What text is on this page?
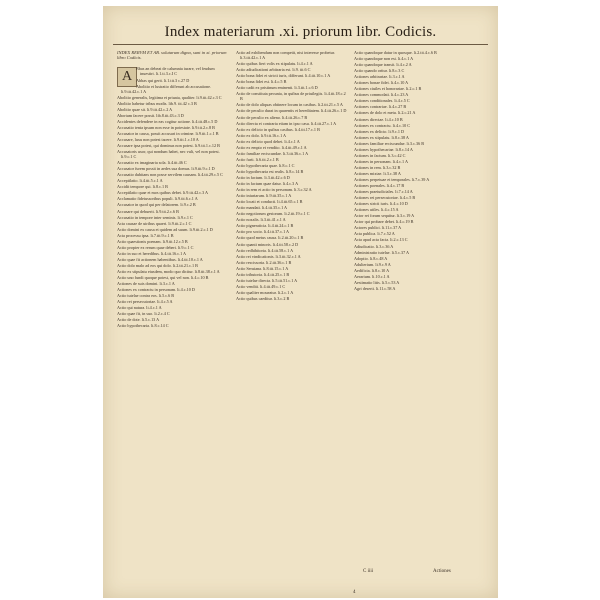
Index materiarum .xi. priorum libr. Codicis.
INDEX RERVM ET AB. solutarum digna, sunt in xi. priorum libro Codicis.
A
Bbas an debeat de calumnia iurare, vel feudum inuestiri. li.1.ti.3.c.I C
Abbas qui gerit. li.1.tit.3 c.27 D
Abolitio et lustratio differunt ab accusatione. li.9.tit.42.c.1 A
Abolitio generalis, legitima et priuata, qualiter. li.9.tit.42.c.3 C
Abolitio habetur tribus modis. lib.9. tit.42 c.3 B
Abolitio quae sit. li.9.tit.42.c.2 A
Abortum facere possit. lib.8.tit.43.c.3 D
Accidentes defendere in eas cogitur actione. li.4.tit.48.c.5 D
Accusatio tenta ipsum non esse in potestate. li.9.tit.2.c.8 B
Accusator in causa, possit accusari in crimine. li.9.tit.1.c.1 B
Accusare, luxu non potest tacere. li.9.tit.1.c.10 A
Accusare ipsa potest, qui dominus non potest. li.9.tit.1.c.12 B
Accusatoris uxor, qui nondum habet, nec vult, vel non potest. li.9.c.1 C
Accusatio ex imaginaria sola. li.4.tit.46 C
Accusator furem possit in aedes sua domus. li.9.tit.9.c.1 D
Accusatio dubitans non posse servilem causam. li.4.tit.29.c.5 C
Acceptilatio. li.4.tit.5.c.1 A
Accidit tempore qui. li.8.c.1 B
Acceptilatio quae et mos quibus debet. li.9.tit.42.c.3 A
Acclamatio fideiussoribus populi. li.9.tit.6.c.1 A
Accusator in quod qui per delatorem. li.9.c.2 B
Accusare qui debuerit. li.9.tit.2.c.6 B
Accusatio in tempore inter seminis. li.9.c.1 C
Acta causae de uiribus quaeri. li.9.tit.2.c.1 C
Actio domini ex causa et quidem ad suum. li.9.tit.2.c.1 D
Acta processu ipsa. li.7.tit.9.c.1 B
Actio quaestionis poenam. li.9.tit.12.c.5 B
Actio propter ex rerum quae deberi. li.9.c.1 C
Actio in suo et heredibus. li.4.tit.16.c.1 A
Actio quae fit actionem habentibus. li.4.tit.10.c.1 A
Actio dolo malo ad eos qui dolo. li.2.tit.21.c.1 B
Actio ex stipulatu eiusdem, modo quo dicitur. li.8.tit.38.c.1 A
Actio uno fundi quoque potest, qui vel non. li.4.c.10 B
Actiones de suis domini. li.3.c.1 A
Actiones ex contractu in personam. li.4.c.10 D
Actio tutelae contra eos. li.5.c.6 B
Actio rei persecutoriae. li.4.c.5 A
Actio qui natura. li.4.c.1 A
Actio quae fit, in suo. li.2.c.4 C
Actio de dote. li.5.c.13 A
Actio hypothecaria. li.8.c.14 C
Actio ad exhibendum non competit, nisi interesse probetur. li.3.tit.42.c.1 A
Actio quibus fieri volis ex stipulatu. li.4.c.1 A
Actio adiudicationi arbitraria est. li.9. tit.6 C
Actio bona fidei et stricti iuris, differunt. li.4.tit.10.c.1 A
Actio bona fidei est. li.4.c.5 B
Actio cadit ex pristinum eminenti. li.3.tit.1.c.6 D
Actio de constituta pecunia, in quibus de priuilegiis. li.4.tit.18.c.2 B
Actio de dolo aliquas obtinere locum in casibus. li.2.tit.21.c.5 A
Actio de peculio durat in quarentis et hereditatem. li.4.tit.26.c.1 D
Actio de peculio ex alieno. li.4.tit.26.c.7 B
Actio directa et contraria etiam in ipso casu. li.4.tit.27.c.1 A
Actio ex delicto in quibus casibus. li.4.tit.17.c.1 B
Actio ex dolo. li.9.tit.16.c.1 A
Actio ex delicto quod debet. li.4.c.1 A
Actio ex empto et vendito. li.4.tit.49.c.1 A
Actio familiae erciscundae. li.3.tit.36.c.1 A
Actio furti. li.6.tit.2.c.1 B
Actio hypothecaria quae. li.8.c.1 C
Actio hypothecaria est realis. li.8.c.14 B
Actio in factum. li.3.tit.42.c.6 D
Actio in factum quae datur. li.4.c.3 A
Actio in rem et actio in personam. li.3.c.32 A
Actio iniuriarum. li.9.tit.35.c.1 A
Actio locati et conducti. li.4.tit.65.c.1 B
Actio mandati. li.4.tit.35.c.1 A
Actio negotiorum gestorum. li.2.tit.19.c.1 C
Actio noxalis. li.3.tit.41.c.1 A
Actio pigneraticia. li.4.tit.24.c.1 B
Actio pro socio. li.4.tit.37.c.1 A
Actio quod metus causa. li.2.tit.20.c.1 B
Actio quanti minoris. li.4.tit.58.c.2 D
Actio redhibitoria. li.4.tit.58.c.1 A
Actio rei vindicationis. li.3.tit.32.c.1 A
Actio rescissoria. li.2.tit.36.c.1 B
Actio Seruiana. li.8.tit.15.c.1 A
Actio tributoria. li.4.tit.25.c.1 B
Actio tutelae directa. li.5.tit.51.c.1 A
Actio venditi. li.4.tit.49.c.1 C
Actio qualiter moueatur. li.2.c.1 A
Actio quibus caeditur. li.3.c.2 B
Actio quandoque datur in quosque. li.2.tit.4.c.6 B
Actio quandoque non est. li.4.c.1 A
Actio quandoque transit. li.4.c.2 A
Actio quando oritur. li.8.c.3 C
Actiones arbitrariae. li.3.c.1 A
Actiones bonae fidei. li.4.c.10 A
Actiones ciuiles et honorariae. li.2.c.1 B
Actiones commodati. li.4.c.23 A
Actiones conditionales. li.4.c.5 C
Actiones contrariae. li.4.c.27 B
Actiones de dolo et metu. li.2.c.21 A
Actiones directae. li.4.c.10 B
Actiones ex contractu. li.4.c.10 C
Actiones ex delicto. li.9.c.1 D
Actiones ex stipulatu. li.8.c.38 A
Actiones familiae erciscundae. li.3.c.36 B
Actiones hypothecariae. li.8.c.14 A
Actiones in factum. li.3.c.42 C
Actiones in personam. li.4.c.1 A
Actiones in rem. li.3.c.32 B
Actiones mixtae. li.3.c.38 A
Actiones perpetuae et temporales. li.7.c.39 A
Actiones poenales. li.4.c.17 B
Actiones praeiudiciales. li.7.c.14 A
Actiones rei persecutoriae. li.4.c.5 B
Actiones stricti iuris. li.4.c.10 D
Actiones utiles. li.4.c.15 A
Actor rei forum sequitur. li.3.c.19 A
Actor qui probare debet. li.4.c.19 B
Actores publici. li.11.c.37 A
Acta publica. li.7.c.52 A
Acta apud acta facta. li.2.c.13 C
Adiudicatio. li.3.c.36 A
Administratio tutelae. li.5.c.37 A
Adoptio. li.8.c.48 A
Adulterium. li.9.c.9 A
Aedificia. li.8.c.10 A
Aerarium. li.10.c.1 A
Aestimatio litis. li.5.c.53 A
Agri deserti. li.11.c.58 A
C iiii	Actiones
4
